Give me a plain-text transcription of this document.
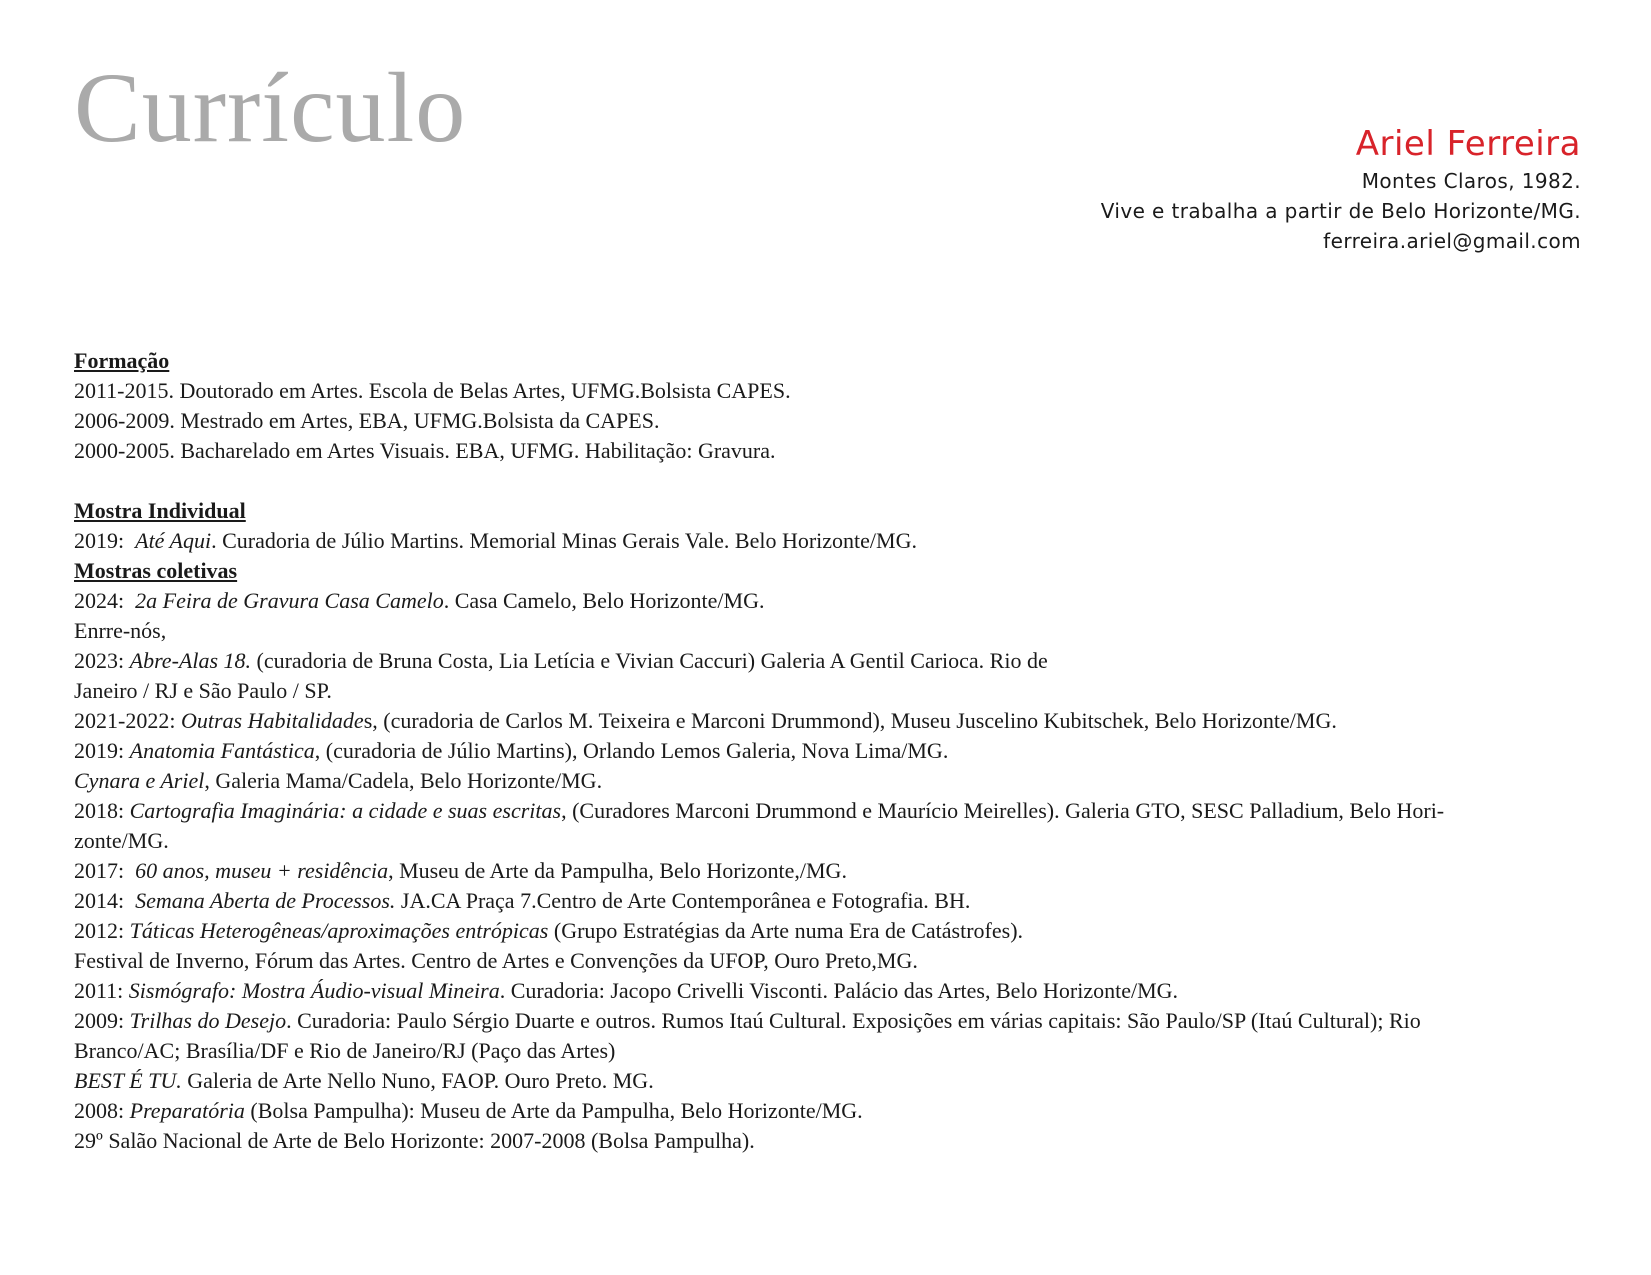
Currículo	Ariel Ferreira
Montes Claros, 1982.
Vive e trabalha a partir de Belo Horizonte/MG.
ferreira.ariel@gmail.com
Formação
2011-2015. Doutorado em Artes. Escola de Belas Artes, UFMG.Bolsista CAPES.
2006-2009. Mestrado em Artes, EBA, UFMG.Bolsista da CAPES.
2000-2005. Bacharelado em Artes Visuais. EBA, UFMG. Habilitação: Gravura.
Mostra Individual
2019:  Até Aqui. Curadoria de Júlio Martins. Memorial Minas Gerais Vale. Belo Horizonte/MG.
Mostras coletivas
2024:  2a Feira de Gravura Casa Camelo. Casa Camelo, Belo Horizonte/MG.
Enrre-nós,
2023: Abre-Alas 18. (curadoria de Bruna Costa, Lia Letícia e Vivian Caccuri) Galeria A Gentil Carioca. Rio de
Janeiro / RJ e São Paulo / SP.
2021-2022: Outras Habitalidades, (curadoria de Carlos M. Teixeira e Marconi Drummond), Museu Juscelino Kubitschek, Belo Horizonte/MG.
2019: Anatomia Fantástica, (curadoria de Júlio Martins), Orlando Lemos Galeria, Nova Lima/MG.
Cynara e Ariel, Galeria Mama/Cadela, Belo Horizonte/MG.
2018: Cartografia Imaginária: a cidade e suas escritas, (Curadores Marconi Drummond e Maurício Meirelles). Galeria GTO, SESC Palladium, Belo Hori-
zonte/MG.
2017:  60 anos, museu + residência, Museu de Arte da Pampulha, Belo Horizonte,/MG.
2014:  Semana Aberta de Processos. JA.CA Praça 7.Centro de Arte Contemporânea e Fotografia. BH.
2012: Táticas Heterogêneas/aproximações entrópicas (Grupo Estratégias da Arte numa Era de Catástrofes).
Festival de Inverno, Fórum das Artes. Centro de Artes e Convenções da UFOP, Ouro Preto,MG.
2011: Sismógrafo: Mostra Áudio-visual Mineira. Curadoria: Jacopo Crivelli Visconti. Palácio das Artes, Belo Horizonte/MG.
2009: Trilhas do Desejo. Curadoria: Paulo Sérgio Duarte e outros. Rumos Itaú Cultural. Exposições em várias capitais: São Paulo/SP (Itaú Cultural); Rio
Branco/AC; Brasília/DF e Rio de Janeiro/RJ (Paço das Artes)
BEST É TU. Galeria de Arte Nello Nuno, FAOP. Ouro Preto. MG.
2008: Preparatória (Bolsa Pampulha): Museu de Arte da Pampulha, Belo Horizonte/MG.
29º Salão Nacional de Arte de Belo Horizonte: 2007-2008 (Bolsa Pampulha).
